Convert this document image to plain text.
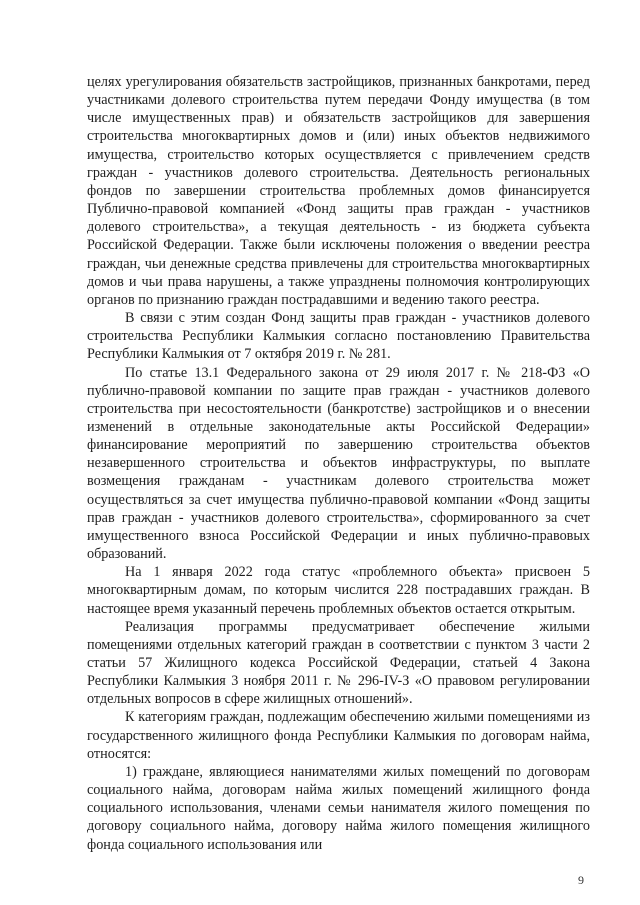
целях урегулирования обязательств застройщиков, признанных банкротами, перед участниками долевого строительства путем передачи Фонду имущества (в том числе имущественных прав) и обязательств застройщиков для завершения строительства многоквартирных домов и (или) иных объектов недвижимого имущества, строительство которых осуществляется с привлечением средств граждан - участников долевого строительства. Деятельность региональных фондов по завершении строительства проблемных домов финансируется Публично-правовой компанией «Фонд защиты прав граждан - участников долевого строительства», а текущая деятельность - из бюджета субъекта Российской Федерации. Также были исключены положения о введении реестра граждан, чьи денежные средства привлечены для строительства многоквартирных домов и чьи права нарушены, а также упразднены полномочия контролирующих органов по признанию граждан пострадавшими и ведению такого реестра.

В связи с этим создан Фонд защиты прав граждан - участников долевого строительства Республики Калмыкия согласно постановлению Правительства Республики Калмыкия от 7 октября 2019 г. № 281.

По статье 13.1 Федерального закона от 29 июля 2017 г. № 218-ФЗ «О публично-правовой компании по защите прав граждан - участников долевого строительства при несостоятельности (банкротстве) застройщиков и о внесении изменений в отдельные законодательные акты Российской Федерации» финансирование мероприятий по завершению строительства объектов незавершенного строительства и объектов инфраструктуры, по выплате возмещения гражданам - участникам долевого строительства может осуществляться за счет имущества публично-правовой компании «Фонд защиты прав граждан - участников долевого строительства», сформированного за счет имущественного взноса Российской Федерации и иных публично-правовых образований.

На 1 января 2022 года статус «проблемного объекта» присвоен 5 многоквартирным домам, по которым числится 228 пострадавших граждан. В настоящее время указанный перечень проблемных объектов остается открытым.

Реализация программы предусматривает обеспечение жилыми помещениями отдельных категорий граждан в соответствии с пунктом 3 части 2 статьи 57 Жилищного кодекса Российской Федерации, статьей 4 Закона Республики Калмыкия 3 ноября 2011 г. № 296-IV-З «О правовом регулировании отдельных вопросов в сфере жилищных отношений».

К категориям граждан, подлежащим обеспечению жилыми помещениями из государственного жилищного фонда Республики Калмыкия по договорам найма, относятся:

1) граждане, являющиеся нанимателями жилых помещений по договорам социального найма, договорам найма жилых помещений жилищного фонда социального использования, членами семьи нанимателя жилого помещения по договору социального найма, договору найма жилого помещения жилищного фонда социального использования или

9
